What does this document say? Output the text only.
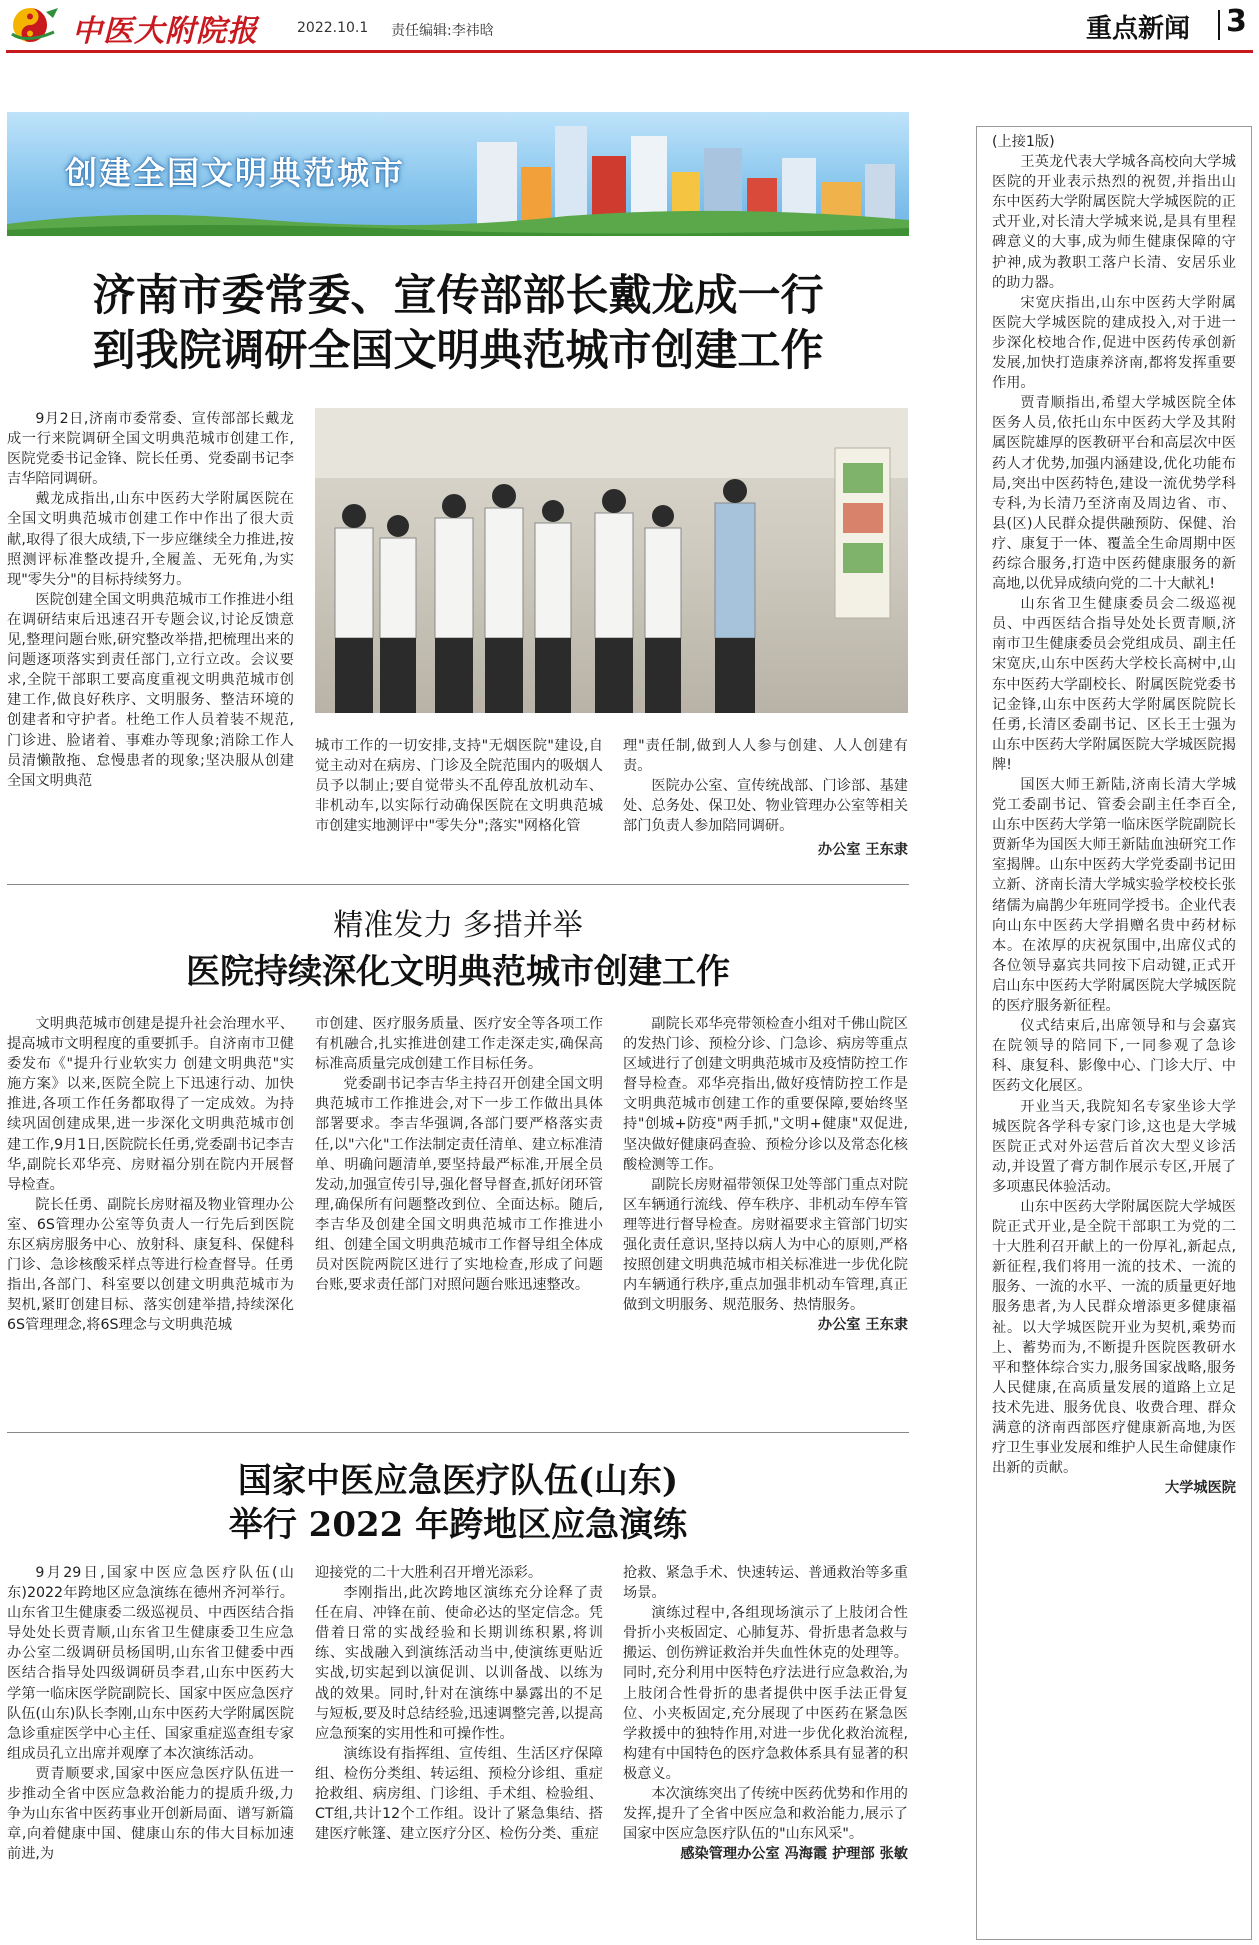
中医大附院报	2022.10.1 责任编辑:李祎晗	重点新闻 3
创建全国文明典范城市
济南市委常委、宣传部部长戴龙成一行
到我院调研全国文明典范城市创建工作
9月2日,济南市委常委、宣传部部长戴龙成一行来院调研全国文明典范城市创建工作,医院党委书记金锋、院长任勇、党委副书记李吉华陪同调研。
戴龙成指出,山东中医药大学附属医院在全国文明典范城市创建工作中作出了很大贡献,取得了很大成绩,下一步应继续全力推进,按照测评标准整改提升,全履盖、无死角,为实现"零失分"的目标持续努力。
医院创建全国文明典范城市工作推进小组在调研结束后迅速召开专题会议,讨论反馈意见,整理问题台账,研究整改举措,把梳理出来的问题逐项落实到责任部门,立行立改。会议要求,全院干部职工要高度重视文明典范城市创建工作,做良好秩序、文明服务、整洁环境的创建者和守护者。杜绝工作人员着装不规范,门诊进、脸诸着、事难办等现象;消除工作人员清懒散拖、怠慢患者的现象;坚决服从创建全国文明典范
城市工作的一切安排,支持"无烟医院"建设,自觉主动对在病房、门诊及全院范围内的吸烟人员予以制止;要自觉带头不乱停乱放机动车、非机动车,以实际行动确保医院在文明典范城市创建实地测评中"零失分";落实"网格化管
理"责任制,做到人人参与创建、人人创建有责。
医院办公室、宣传统战部、门诊部、基建处、总务处、保卫处、物业管理办公室等相关部门负责人参加陪同调研。
办公室 王东隶
精准发力 多措并举
医院持续深化文明典范城市创建工作
文明典范城市创建是提升社会治理水平、提高城市文明程度的重要抓手。自济南市卫健委发布《"提升行业软实力 创建文明典范"实施方案》以来,医院全院上下迅速行动、加快推进,各项工作任务都取得了一定成效。为持续巩固创建成果,进一步深化文明典范城市创建工作,9月1日,医院院长任勇,党委副书记李吉华,副院长邓华亮、房财福分别在院内开展督导检查。
院长任勇、副院长房财福及物业管理办公室、6S管理办公室等负责人一行先后到医院东区病房服务中心、放射科、康复科、保健科门诊、急诊核酸采样点等进行检查督导。任勇指出,各部门、科室要以创建文明典范城市为契机,紧盯创建目标、落实创建举措,持续深化6S管理理念,将6S理念与文明典范城
市创建、医疗服务质量、医疗安全等各项工作有机融合,扎实推进创建工作走深走实,确保高标准高质量完成创建工作目标任务。
党委副书记李吉华主持召开创建全国文明典范城市工作推进会,对下一步工作做出具体部署要求。李吉华强调,各部门要严格落实责任,以"六化"工作法制定责任清单、建立标准清单、明确问题清单,要坚持最严标准,开展全员发动,加强宣传引导,强化督导督查,抓好闭环管理,确保所有问题整改到位、全面达标。随后,李吉华及创建全国文明典范城市工作推进小组、创建全国文明典范城市工作督导组全体成员对医院两院区进行了实地检查,形成了问题台账,要求责任部门对照问题台账迅速整改。
副院长邓华亮带领检查小组对千佛山院区的发热门诊、预检分诊、门急诊、病房等重点区域进行了创建文明典范城市及疫情防控工作督导检查。邓华亮指出,做好疫情防控工作是文明典范城市创建工作的重要保障,要始终坚持"创城+防疫"两手抓,"文明+健康"双促进,坚决做好健康码查验、预检分诊以及常态化核酸检测等工作。
副院长房财福带领保卫处等部门重点对院区车辆通行流线、停车秩序、非机动车停车管理等进行督导检查。房财福要求主管部门切实强化责任意识,坚持以病人为中心的原则,严格按照创建文明典范城市相关标准进一步优化院内车辆通行秩序,重点加强非机动车管理,真正做到文明服务、规范服务、热情服务。
办公室 王东隶
国家中医应急医疗队伍(山东)
举行 2022 年跨地区应急演练
9月29日,国家中医应急医疗队伍(山东)2022年跨地区应急演练在德州齐河举行。山东省卫生健康委二级巡视员、中西医结合指导处处长贾青顺,山东省卫生健康委卫生应急办公室二级调研员杨国明,山东省卫健委中西医结合指导处四级调研员李君,山东中医药大学第一临床医学院副院长、国家中医应急医疗队伍(山东)队长李刚,山东中医药大学附属医院急诊重症医学中心主任、国家重症巡查组专家组成员孔立出席并观摩了本次演练活动。
贾青顺要求,国家中医应急医疗队伍进一步推动全省中医应急救治能力的提质升级,力争为山东省中医药事业开创新局面、谱写新篇章,向着健康中国、健康山东的伟大目标加速前进,为
迎接党的二十大胜利召开增光添彩。
李刚指出,此次跨地区演练充分诠释了责任在肩、冲锋在前、使命必达的坚定信念。凭借着日常的实战经验和长期训练积累,将训练、实战融入到演练活动当中,使演练更贴近实战,切实起到以演促训、以训备战、以练为战的效果。同时,针对在演练中暴露出的不足与短板,要及时总结经验,迅速调整完善,以提高应急预案的实用性和可操作性。
演练设有指挥组、宣传组、生活区疗保障组、检伤分类组、转运组、预检分诊组、重症抢救组、病房组、门诊组、手术组、检验组、CT组,共计12个工作组。设计了紧急集结、搭建医疗帐篷、建立医疗分区、检伤分类、重症
抢救、紧急手术、快速转运、普通救治等多重场景。
演练过程中,各组现场演示了上肢闭合性骨折小夹板固定、心肺复苏、骨折患者急救与搬运、创伤辨证救治并失血性休克的处理等。同时,充分利用中医特色疗法进行应急救治,为上肢闭合性骨折的患者提供中医手法正骨复位、小夹板固定,充分展现了中医药在紧急医学救援中的独特作用,对进一步优化救治流程,构建有中国特色的医疗急救体系具有显著的积极意义。
本次演练突出了传统中医药优势和作用的发挥,提升了全省中医应急和救治能力,展示了国家中医应急医疗队伍的"山东风采"。
感染管理办公室 冯海霞 护理部 张敏
(上接1版)
王英龙代表大学城各高校向大学城医院的开业表示热烈的祝贺,并指出山东中医药大学附属医院大学城医院的正式开业,对长清大学城来说,是具有里程碑意义的大事,成为师生健康保障的守护神,成为教职工落户长清、安居乐业的助力器。
宋宽庆指出,山东中医药大学附属医院大学城医院的建成投入,对于进一步深化校地合作,促进中医药传承创新发展,加快打造康养济南,都将发挥重要作用。
贾青顺指出,希望大学城医院全体医务人员,依托山东中医药大学及其附属医院雄厚的医教研平台和高层次中医药人才优势,加强内涵建设,优化功能布局,突出中医药特色,建设一流优势学科专科,为长清乃至济南及周边省、市、县(区)人民群众提供融预防、保健、治疗、康复于一体、覆盖全生命周期中医药综合服务,打造中医药健康服务的新高地,以优异成绩向党的二十大献礼!
山东省卫生健康委员会二级巡视员、中西医结合指导处处长贾青顺,济南市卫生健康委员会党组成员、副主任宋宽庆,山东中医药大学校长高树中,山东中医药大学副校长、附属医院党委书记金锋,山东中医药大学附属医院院长任勇,长清区委副书记、区长王士强为山东中医药大学附属医院大学城医院揭牌!
国医大师王新陆,济南长清大学城党工委副书记、管委会副主任李百全,山东中医药大学第一临床医学院副院长贾新华为国医大师王新陆血浊研究工作室揭牌。山东中医药大学党委副书记田立新、济南长清大学城实验学校校长张绪儒为扁鹊少年班同学授书。企业代表向山东中医药大学捐赠名贵中药材标本。在浓厚的庆祝氛围中,出席仪式的各位领导嘉宾共同按下启动键,正式开启山东中医药大学附属医院大学城医院的医疗服务新征程。
仪式结束后,出席领导和与会嘉宾在院领导的陪同下,一同参观了急诊科、康复科、影像中心、门诊大厅、中医药文化展区。
开业当天,我院知名专家坐诊大学城医院各学科专家门诊,这也是大学城医院正式对外运营后首次大型义诊活动,并设置了膏方制作展示专区,开展了多项惠民体验活动。
山东中医药大学附属医院大学城医院正式开业,是全院干部职工为党的二十大胜利召开献上的一份厚礼,新起点,新征程,我们将用一流的技术、一流的服务、一流的水平、一流的质量更好地服务患者,为人民群众增添更多健康福祉。以大学城医院开业为契机,乘势而上、蓄势而为,不断提升医院医教研水平和整体综合实力,服务国家战略,服务人民健康,在高质量发展的道路上立足技术先进、服务优良、收费合理、群众满意的济南西部医疗健康新高地,为医疗卫生事业发展和维护人民生命健康作出新的贡献。
大学城医院
